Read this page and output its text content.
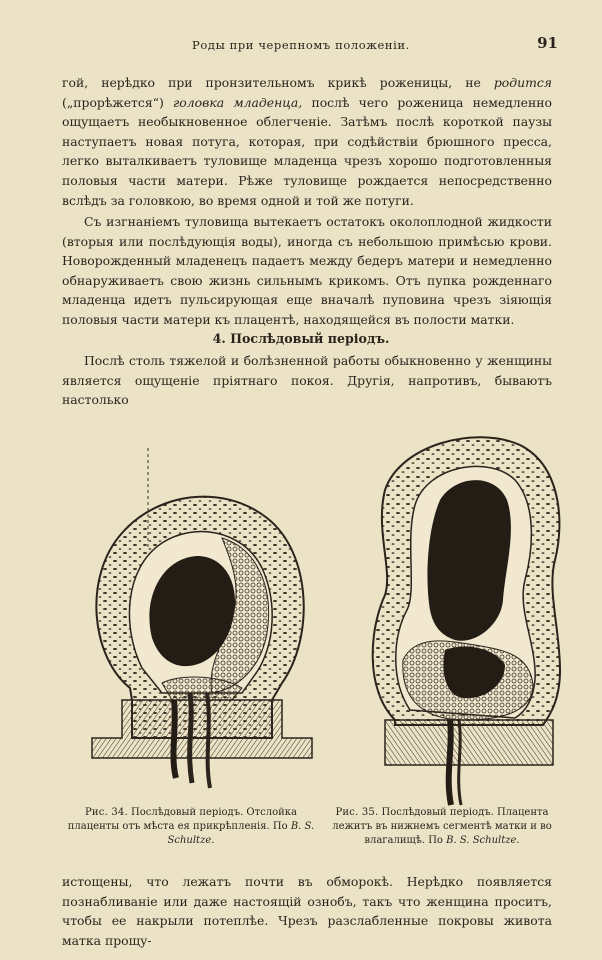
Роды при черепномъ положеніи.	91

гой, нерѣдко при пронзительномъ крикѣ роженицы, не родится („прорѣжется“) головка младенца, послѣ чего роженица немедленно ощущаетъ необыкновенное облегченіе. Затѣмъ послѣ короткой паузы наступаетъ новая потуга, которая, при содѣйствіи брюшного пресса, легко выталкиваетъ туловище младенца чрезъ хорошо подготовленныя половыя части матери. Рѣже туловище рождается непосредственно вслѣдъ за головкою, во время одной и той же потуги.

Съ изгнаніемъ туловища вытекаетъ остатокъ околоплодной жидкости (вторыя или послѣдующія воды), иногда съ небольшою примѣсью крови. Новорожденный младенецъ падаетъ между бедеръ матери и немедленно обнаруживаетъ свою жизнь сильнымъ крикомъ. Отъ пупка рожденнаго младенца идетъ пульсирующая еще вначалѣ пуповина чрезъ зіяющія половыя части матери къ плацентѣ, находящейся въ полости матки.

4. Послѣдовый періодъ.

Послѣ столь тяжелой и болѣзненной работы обыкновенно у женщины является ощущеніе пріятнаго покоя. Другія, напротивъ, бываютъ настолько

Рис. 34. Послѣдовый періодъ. Отслойка плаценты отъ мѣста ея прикрѣпленія. По B. S. Schultze.
Рис. 35. Послѣдовый періодъ. Плацента лежитъ въ нижнемъ сегментѣ матки и во влагалищѣ. По B. S. Schultze.

истощены, что лежатъ почти въ обморокѣ. Нерѣдко появляется познабливаніе или даже настоящій ознобъ, такъ что женщина проситъ, чтобы ее накрыли потеплѣе. Чрезъ разслабленные покровы живота матка прощу-
